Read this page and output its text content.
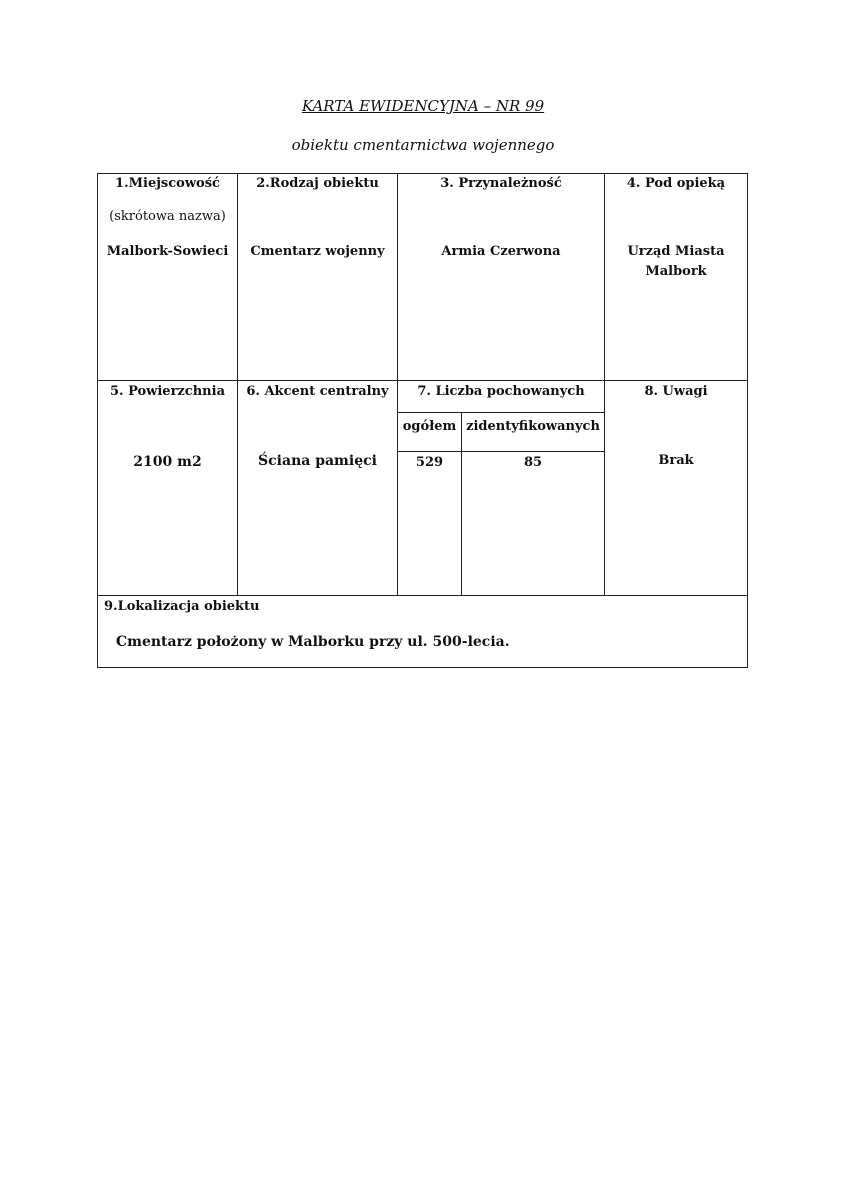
KARTA EWIDENCYJNA – NR 99
obiektu cmentarnictwa wojennego
1.Miejscowość
(skrótowa nazwa)
Malbork-Sowieci
2.Rodzaj obiektu
Cmentarz wojenny
3. Przynależność
Armia Czerwona
4. Pod opieką
Urząd Miasta
Malbork
5. Powierzchnia
2100 m2
6. Akcent centralny
Ściana pamięci
7. Liczba pochowanych
ogółem zidentyfikowanych
529	85
8. Uwagi
Brak
9.Lokalizacja obiektu
Cmentarz położony w Malborku przy ul. 500-lecia.
